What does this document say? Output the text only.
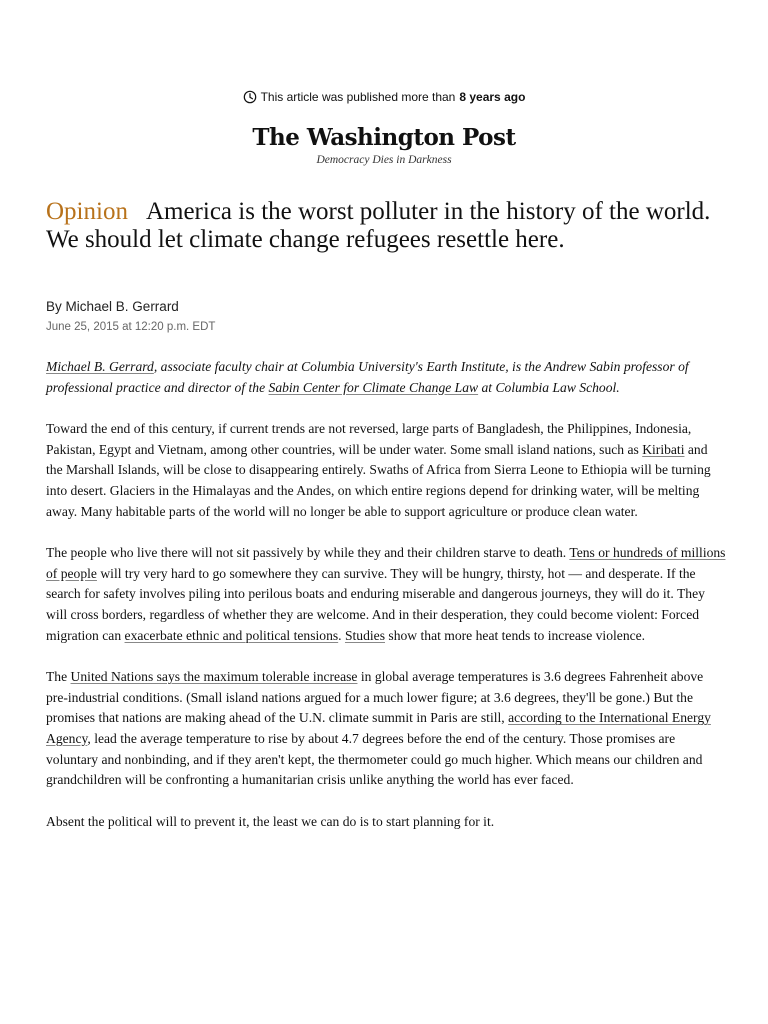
This article was published more than 8 years ago
The Washington Post
Democracy Dies in Darkness
Opinion America is the worst polluter in the history of the world. We should let climate change refugees resettle here.
By Michael B. Gerrard
June 25, 2015 at 12:20 p.m. EDT

Michael B. Gerrard, associate faculty chair at Columbia University's Earth Institute, is the Andrew Sabin professor of professional practice and director of the Sabin Center for Climate Change Law at Columbia Law School.

Toward the end of this century, if current trends are not reversed, large parts of Bangladesh, the Philippines, Indonesia, Pakistan, Egypt and Vietnam, among other countries, will be under water. Some small island nations, such as Kiribati and the Marshall Islands, will be close to disappearing entirely. Swaths of Africa from Sierra Leone to Ethiopia will be turning into desert. Glaciers in the Himalayas and the Andes, on which entire regions depend for drinking water, will be melting away. Many habitable parts of the world will no longer be able to support agriculture or produce clean water.

The people who live there will not sit passively by while they and their children starve to death. Tens or hundreds of millions of people will try very hard to go somewhere they can survive. They will be hungry, thirsty, hot — and desperate. If the search for safety involves piling into perilous boats and enduring miserable and dangerous journeys, they will do it. They will cross borders, regardless of whether they are welcome. And in their desperation, they could become violent: Forced migration can exacerbate ethnic and political tensions. Studies show that more heat tends to increase violence.

The United Nations says the maximum tolerable increase in global average temperatures is 3.6 degrees Fahrenheit above pre-industrial conditions. (Small island nations argued for a much lower figure; at 3.6 degrees, they'll be gone.) But the promises that nations are making ahead of the U.N. climate summit in Paris are still, according to the International Energy Agency, lead the average temperature to rise by about 4.7 degrees before the end of the century. Those promises are voluntary and nonbinding, and if they aren't kept, the thermometer could go much higher. Which means our children and grandchildren will be confronting a humanitarian crisis unlike anything the world has ever faced.

Absent the political will to prevent it, the least we can do is to start planning for it.
